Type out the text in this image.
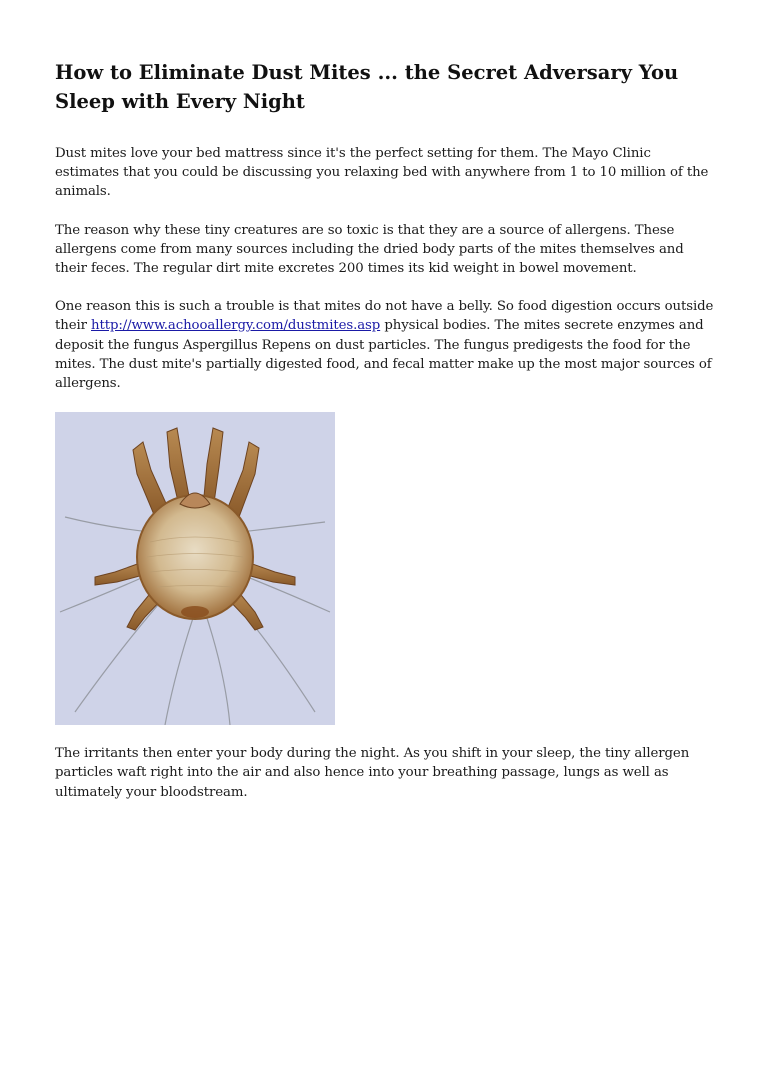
How to Eliminate Dust Mites ... the Secret Adversary You Sleep with Every Night

Dust mites love your bed mattress since it's the perfect setting for them. The Mayo Clinic estimates that you could be discussing you relaxing bed with anywhere from 1 to 10 million of the animals.

The reason why these tiny creatures are so toxic is that they are a source of allergens. These allergens come from many sources including the dried body parts of the mites themselves and their feces. The regular dirt mite excretes 200 times its kid weight in bowel movement.

One reason this is such a trouble is that mites do not have a belly. So food digestion occurs outside their http://www.achooallergy.com/dustmites.asp physical bodies. The mites secrete enzymes and deposit the fungus Aspergillus Repens on dust particles. The fungus predigests the food for the mites. The dust mite's partially digested food, and fecal matter make up the most major sources of allergens.

The irritants then enter your body during the night. As you shift in your sleep, the tiny allergen particles waft right into the air and also hence into your breathing passage, lungs as well as ultimately your bloodstream.
